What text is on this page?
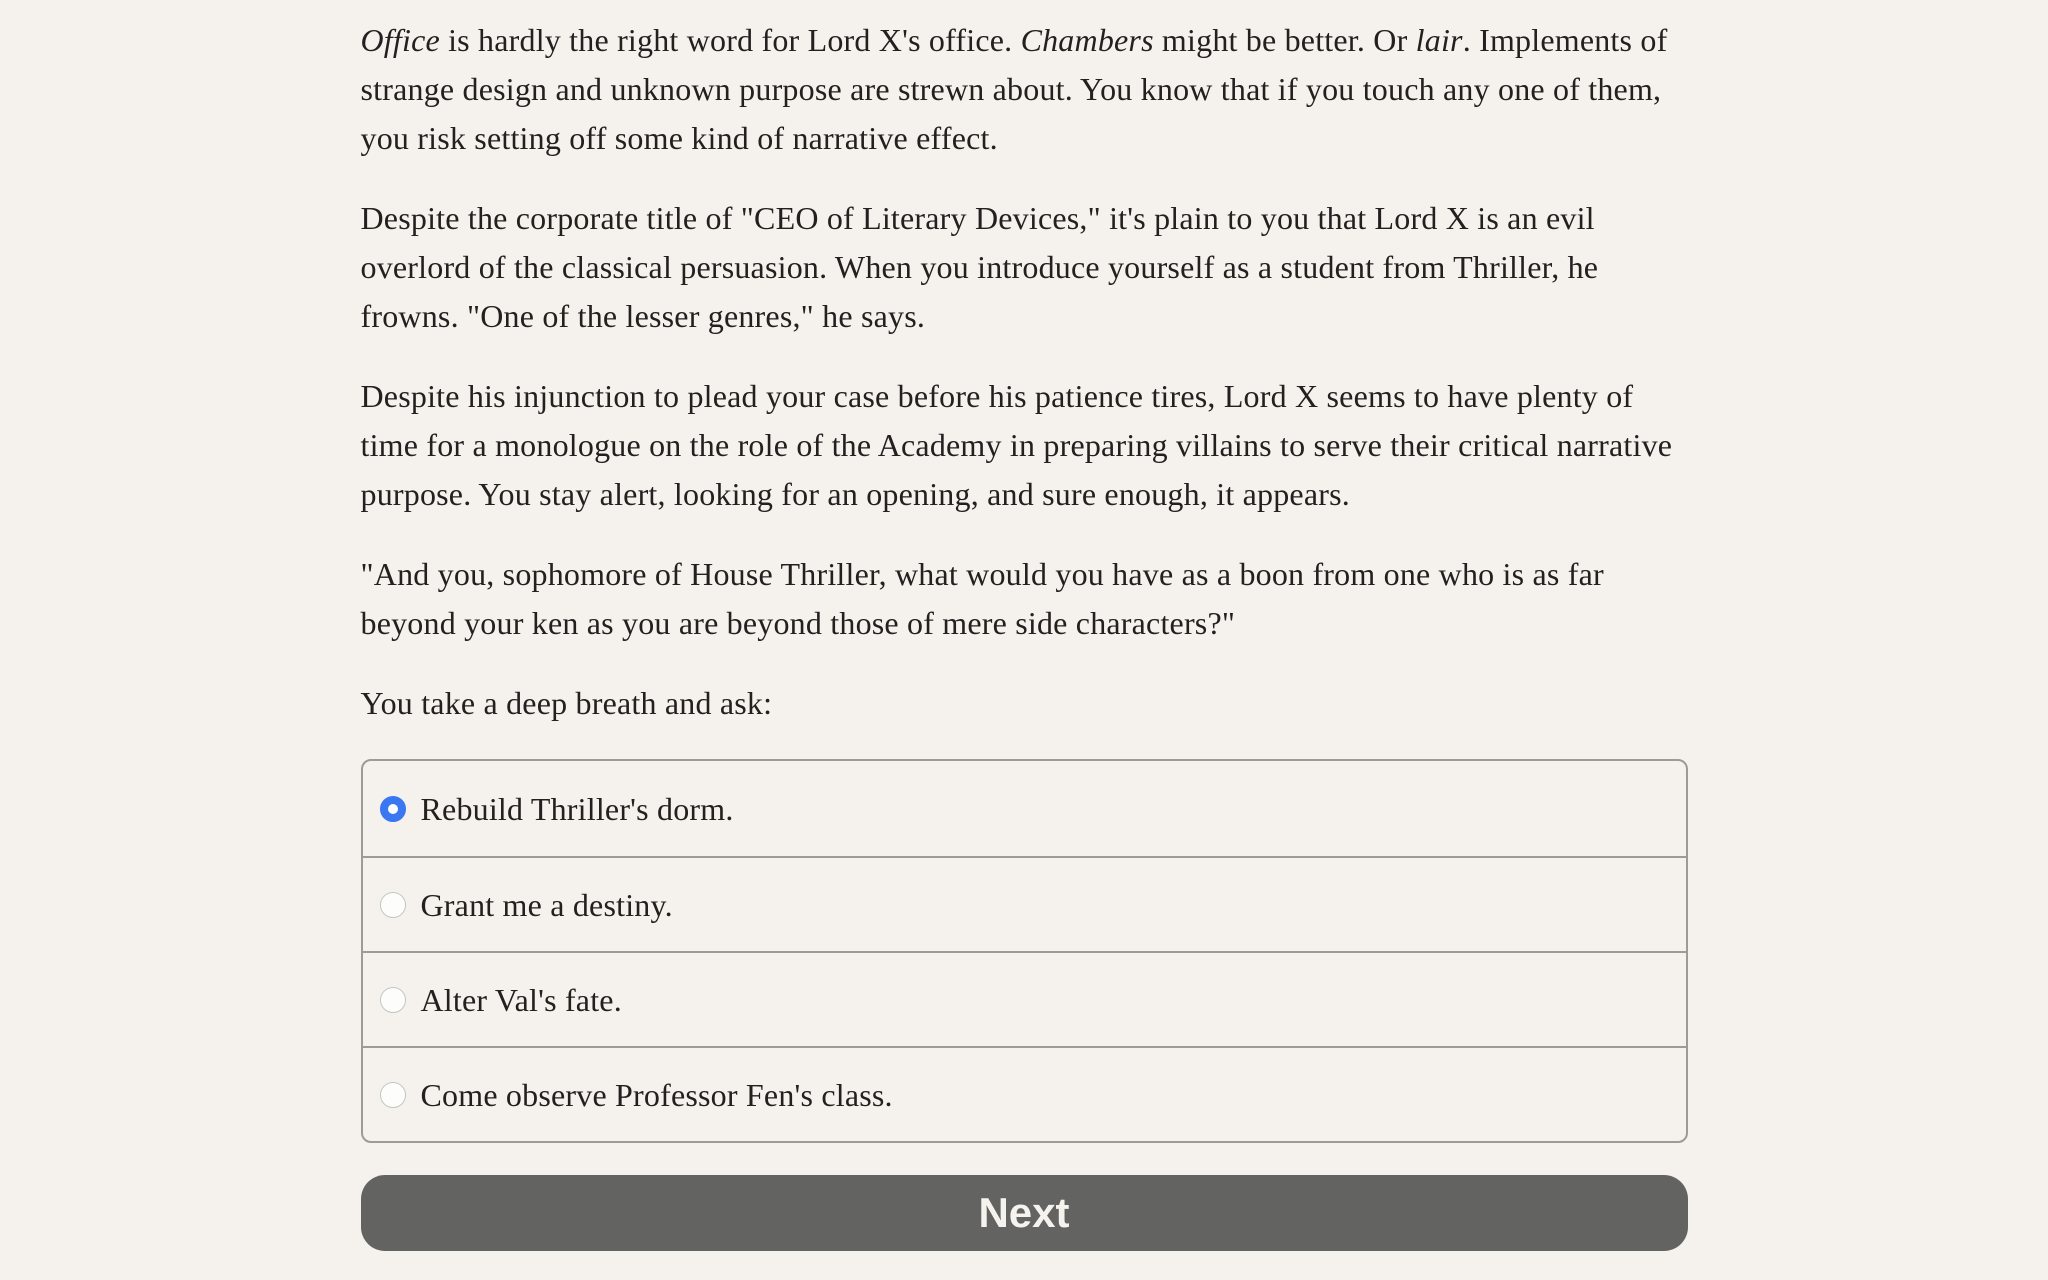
Office is hardly the right word for Lord X's office. Chambers might be better. Or lair. Implements of strange design and unknown purpose are strewn about. You know that if you touch any one of them, you risk setting off some kind of narrative effect.

Despite the corporate title of "CEO of Literary Devices," it's plain to you that Lord X is an evil overlord of the classical persuasion. When you introduce yourself as a student from Thriller, he frowns. "One of the lesser genres," he says.

Despite his injunction to plead your case before his patience tires, Lord X seems to have plenty of time for a monologue on the role of the Academy in preparing villains to serve their critical narrative purpose. You stay alert, looking for an opening, and sure enough, it appears.

"And you, sophomore of House Thriller, what would you have as a boon from one who is as far beyond your ken as you are beyond those of mere side characters?"

You take a deep breath and ask:

Rebuild Thriller's dorm.
Grant me a destiny.
Alter Val's fate.
Come observe Professor Fen's class.
Next
